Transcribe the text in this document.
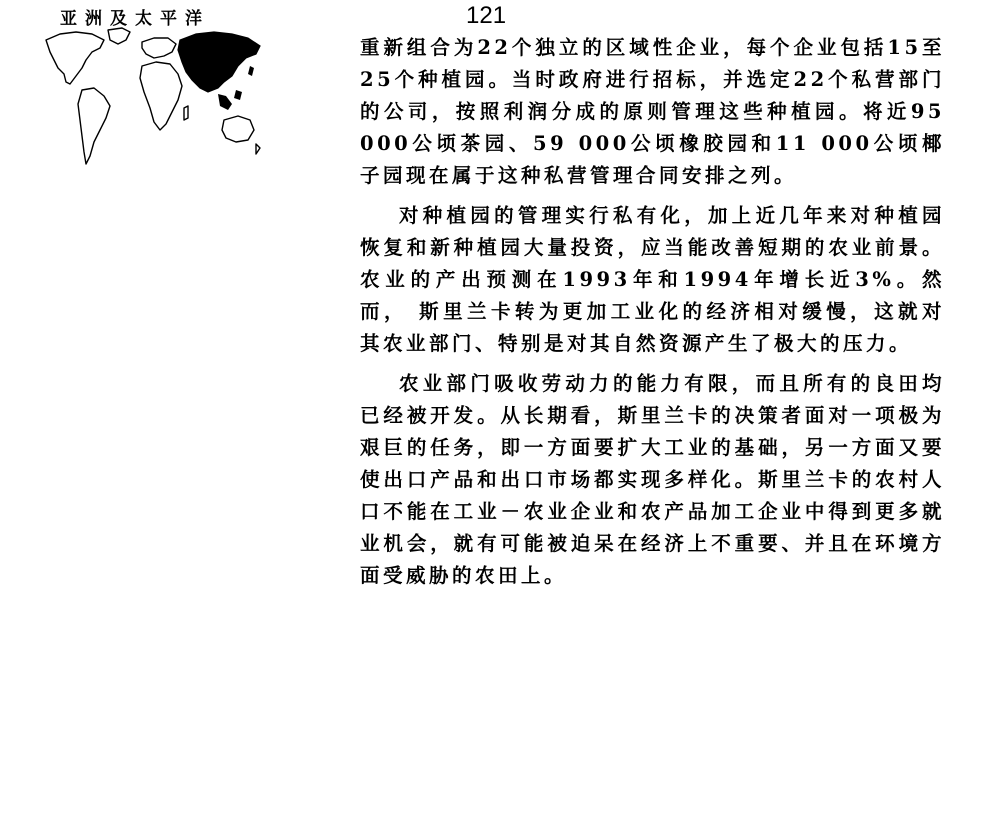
亚洲及太平洋	121

重新组合为22个独立的区域性企业，每个企业包括15至25个种植园。当时政府进行招标，并选定22个私营部门的公司，按照利润分成的原则管理这些种植园。将近95 000公顷茶园、59 000公顷橡胶园和11 000公顷椰子园现在属于这种私营管理合同安排之列。

对种植园的管理实行私有化，加上近几年来对种植园恢复和新种植园大量投资，应当能改善短期的农业前景。农业的产出预测在1993年和1994年增长近3%。然而， 斯里兰卡转为更加工业化的经济相对缓慢，这就对其农业部门、特别是对其自然资源产生了极大的压力。

农业部门吸收劳动力的能力有限，而且所有的良田均已经被开发。从长期看，斯里兰卡的决策者面对一项极为艰巨的任务，即一方面要扩大工业的基础，另一方面又要使出口产品和出口市场都实现多样化。斯里兰卡的农村人口不能在工业－农业企业和农产品加工企业中得到更多就业机会，就有可能被迫呆在经济上不重要、并且在环境方面受威胁的农田上。
